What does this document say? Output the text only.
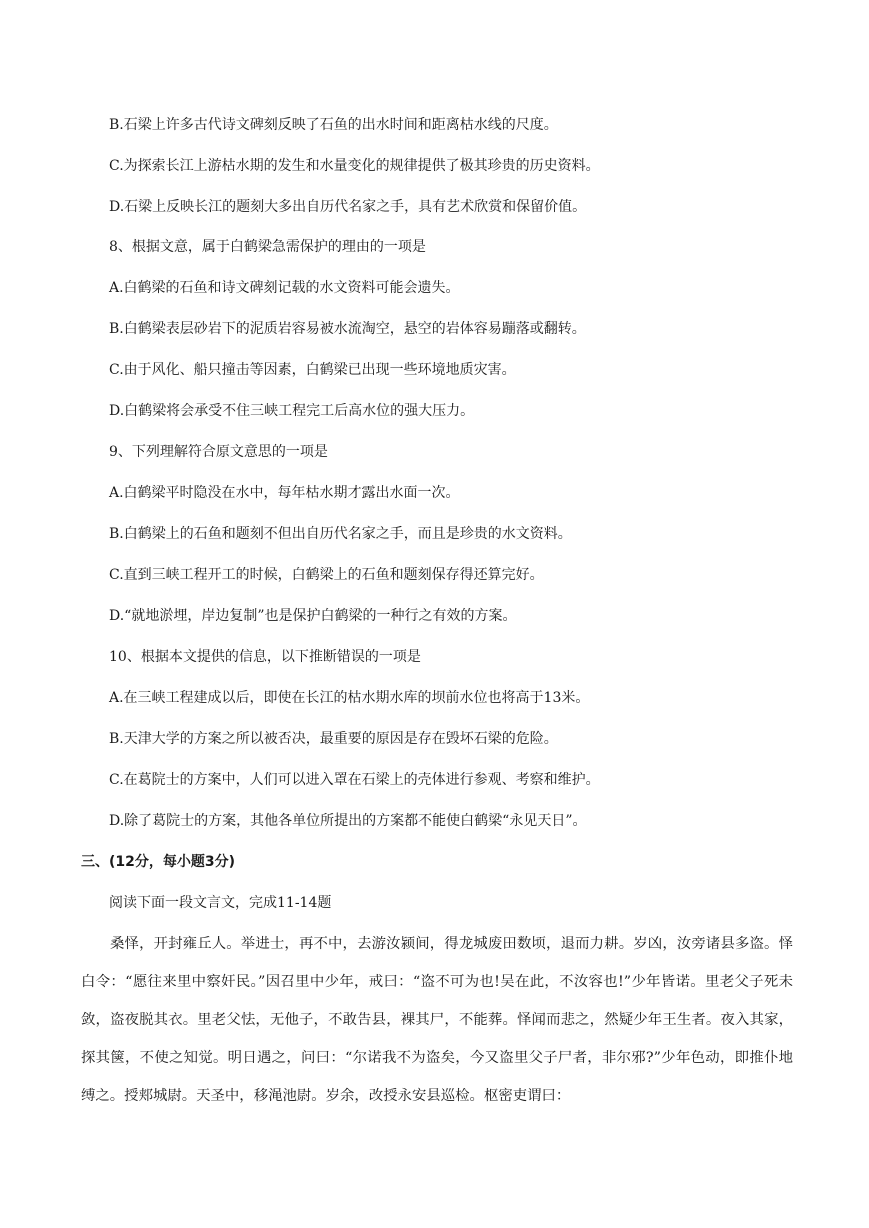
B.石梁上许多古代诗文碑刻反映了石鱼的出水时间和距离枯水线的尺度。

C.为探索长江上游枯水期的发生和水量变化的规律提供了极其珍贵的历史资料。

D.石梁上反映长江的题刻大多出自历代名家之手，具有艺术欣赏和保留价值。

8、根据文意，属于白鹤梁急需保护的理由的一项是

A.白鹤梁的石鱼和诗文碑刻记载的水文资料可能会遗失。

B.白鹤梁表层砂岩下的泥质岩容易被水流淘空，悬空的岩体容易蹦落或翻转。

C.由于风化、船只撞击等因素，白鹤梁已出现一些环境地质灾害。

D.白鹤梁将会承受不住三峡工程完工后高水位的强大压力。

9、下列理解符合原文意思的一项是

A.白鹤梁平时隐没在水中，每年枯水期才露出水面一次。

B.白鹤梁上的石鱼和题刻不但出自历代名家之手，而且是珍贵的水文资料。

C.直到三峡工程开工的时候，白鹤梁上的石鱼和题刻保存得还算完好。

D.“就地淤埋，岸边复制”也是保护白鹤梁的一种行之有效的方案。

10、根据本文提供的信息，以下推断错误的一项是

A.在三峡工程建成以后，即使在长江的枯水期水库的坝前水位也将高于13米。

B.天津大学的方案之所以被否决，最重要的原因是存在毁坏石梁的危险。

C.在葛院士的方案中，人们可以进入罩在石梁上的壳体进行参观、考察和维护。

D.除了葛院士的方案，其他各单位所提出的方案都不能使白鹤梁“永见天日”。

三、(12分，每小题3分)

阅读下面一段文言文，完成11-14题

桑怿，开封雍丘人。举进士，再不中，去游汝颍间，得龙城废田数顷，退而力耕。岁凶，汝旁诸县多盗。怿白令：“愿往来里中察奸民。”因召里中少年，戒曰：“盗不可为也!吴在此，不汝容也!”少年皆诺。里老父子死未敛，盗夜脱其衣。里老父怯，无他子，不敢告县，裸其尸，不能葬。怿闻而悲之，然疑少年王生者。夜入其家，探其箧，不使之知觉。明日遇之，问曰：“尔诺我不为盗矣，今又盗里父子尸者，非尔邪?”少年色动，即推仆地缚之。授郏城尉。天圣中，移渑池尉。岁余，改授永安县巡检。枢密吏谓曰：
